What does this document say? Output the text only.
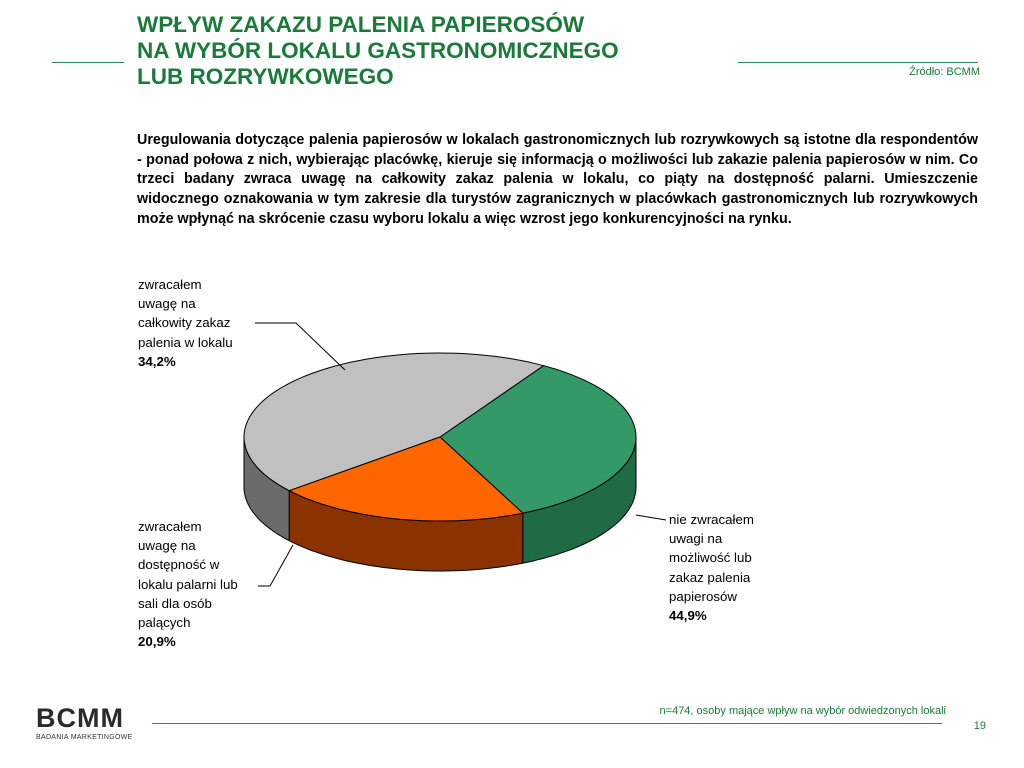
WPŁYW ZAKAZU PALENIA PAPIEROSÓW
NA WYBÓR LOKALU GASTRONOMICZNEGO
LUB ROZRYWKOWEGO	Źródło: BCMM
Uregulowania dotyczące palenia papierosów w lokalach gastronomicznych lub rozrywkowych są istotne dla respondentów - ponad połowa z nich, wybierając placówkę, kieruje się informacją o możliwości lub zakazie palenia papierosów w nim. Co trzeci badany zwraca uwagę na całkowity zakaz palenia w lokalu, co piąty na dostępność palarni. Umieszczenie widocznego oznakowania w tym zakresie dla turystów zagranicznych w placówkach gastronomicznych lub rozrywkowych może wpłynąć na skrócenie czasu wyboru lokalu a więc wzrost jego konkurencyjności na rynku.
zwracałem
uwagę na
całkowity zakaz
palenia w lokalu
34,2%
nie zwracałem
uwagi na
możliwość lub
zakaz palenia
papierosów
44,9%
zwracałem
uwagę na
dostępność w
lokalu palarni lub
sali dla osób
palących
20,9%
BCMM
BADANIA MARKETINGOWE
n=474, osoby mające wpływ na wybór odwiedzonych lokali
19
